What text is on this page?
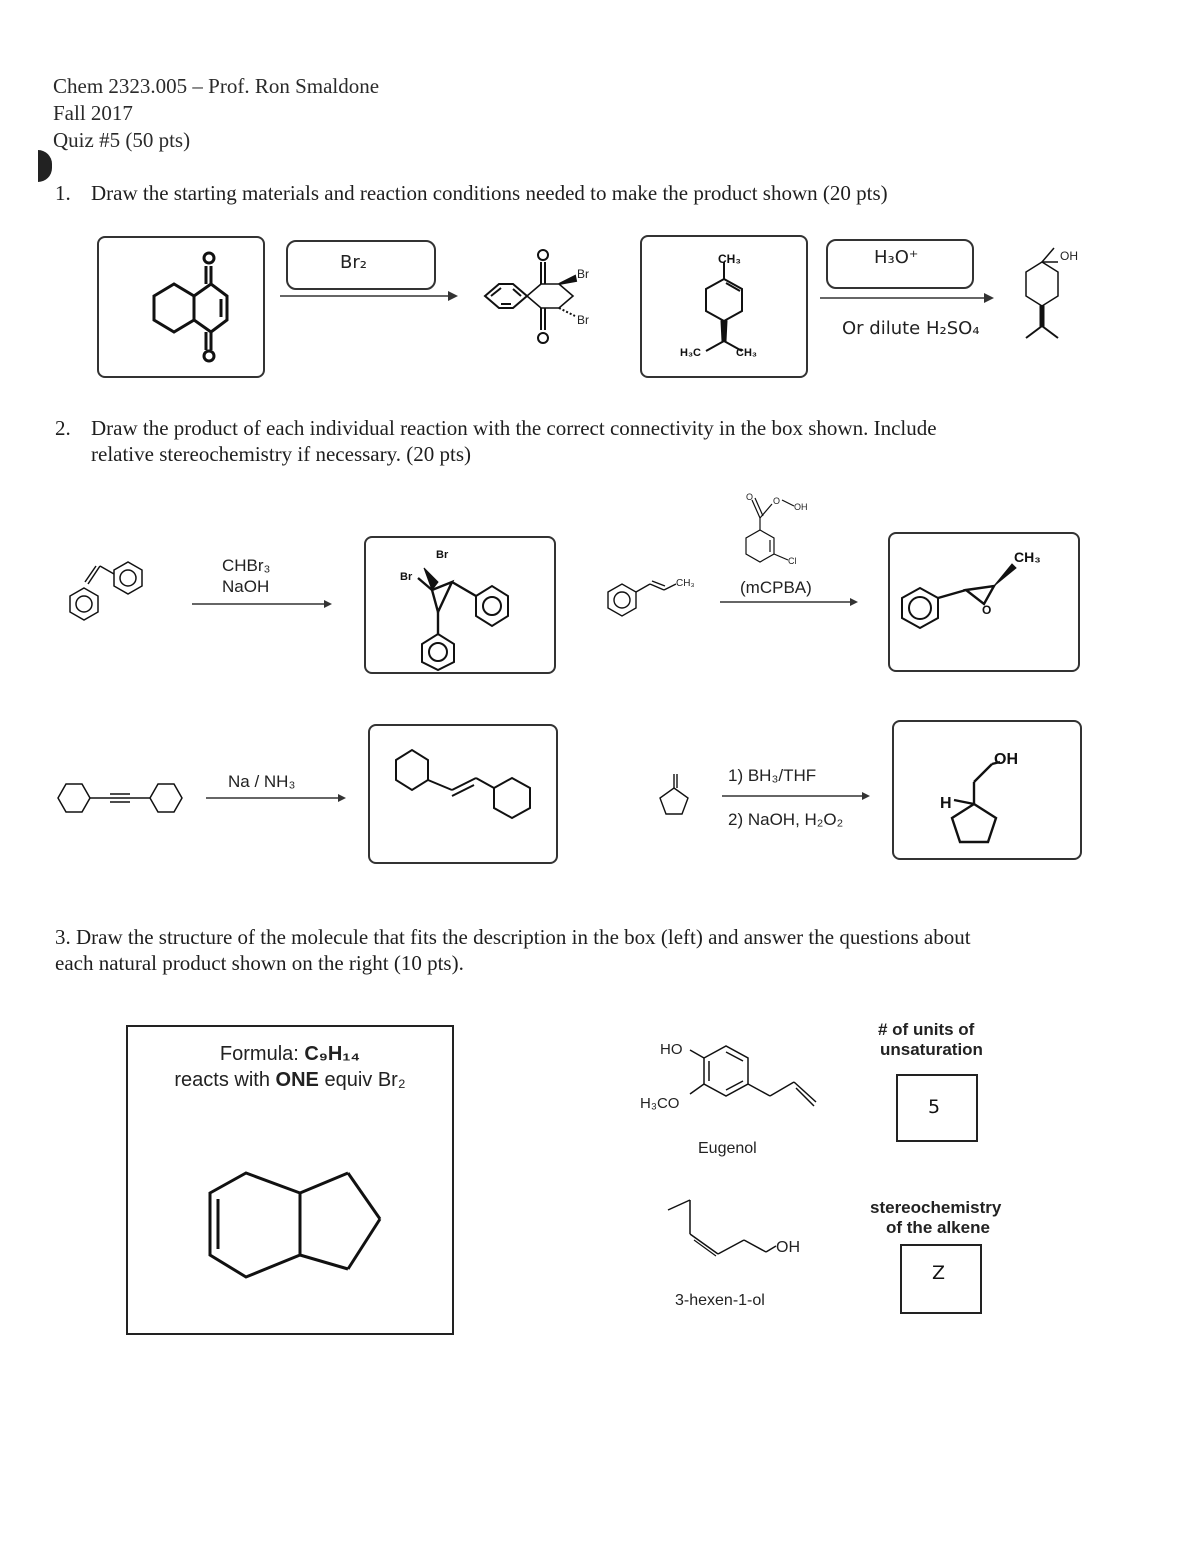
Chem 2323.005 – Prof. Ron Smaldone
Fall 2017
Quiz #5 (50 pts)
1. Draw the starting materials and reaction conditions needed to make the product shown (20 pts)
Br₂
Br
Br
CH₃
H₃C	CH₃
H₃O⁺
Or dilute H₂SO₄
OH
2. Draw the product of each individual reaction with the correct connectivity in the box shown. Include
relative stereochemistry if necessary. (20 pts)
CHBr₃
NaOH
Br
Br
CH₃
O O
OH
Cl
(mCPBA)
CH₃
O
Na / NH₃	1) BH₃/THF
2) NaOH, H₂O₂
OH
H
3. Draw the structure of the molecule that fits the description in the box (left) and answer the questions about
each natural product shown on the right (10 pts).
Formula: C₉H₁₄
reacts with ONE equiv Br₂
HO
H₃CO
Eugenol
# of units of
unsaturation
5
OH
3-hexen-1-ol
stereochemistry
of the alkene
Z
